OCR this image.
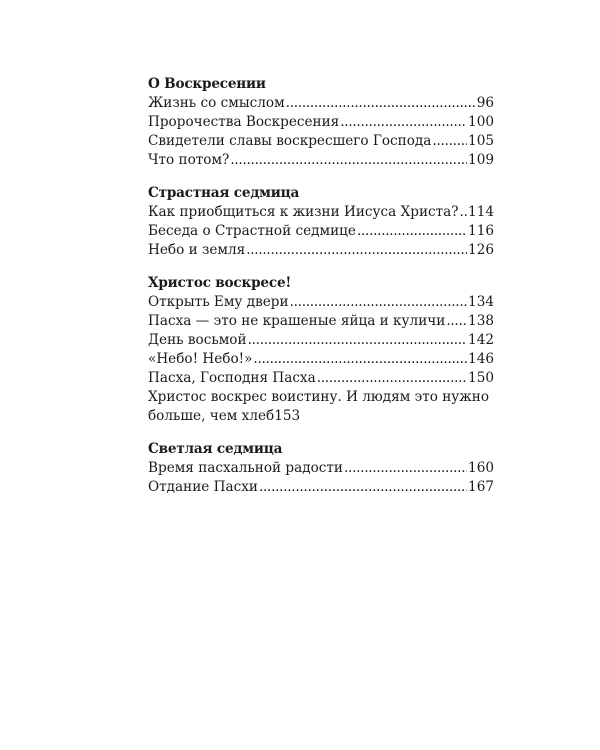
О Воскресении
Жизнь со смыслом . . .	96
Пророчества Воскресения . . .	100
Свидетели славы воскресшего Господа . . .	105
Что потом? . . .	109
Страстная седмица
Как приобщиться к жизни Иисуса Христа? . . . 114
Беседа о Страстной седмице . . .	116
Небо и земля . . .	126
Христос воскресе!
Открыть Ему двери . . .	134
Пасха — это не крашеные яйца и куличи . . . 138
День восьмой . . .	142
«Небо! Небо!» . . .	146
Пасха, Господня Пасха . . .	150
Христос воскрес воистину. И людям это нужно
больше, чем хлеб 153
Светлая седмица
Время пасхальной радости . . .	160
Отдание Пасхи . . .	167
